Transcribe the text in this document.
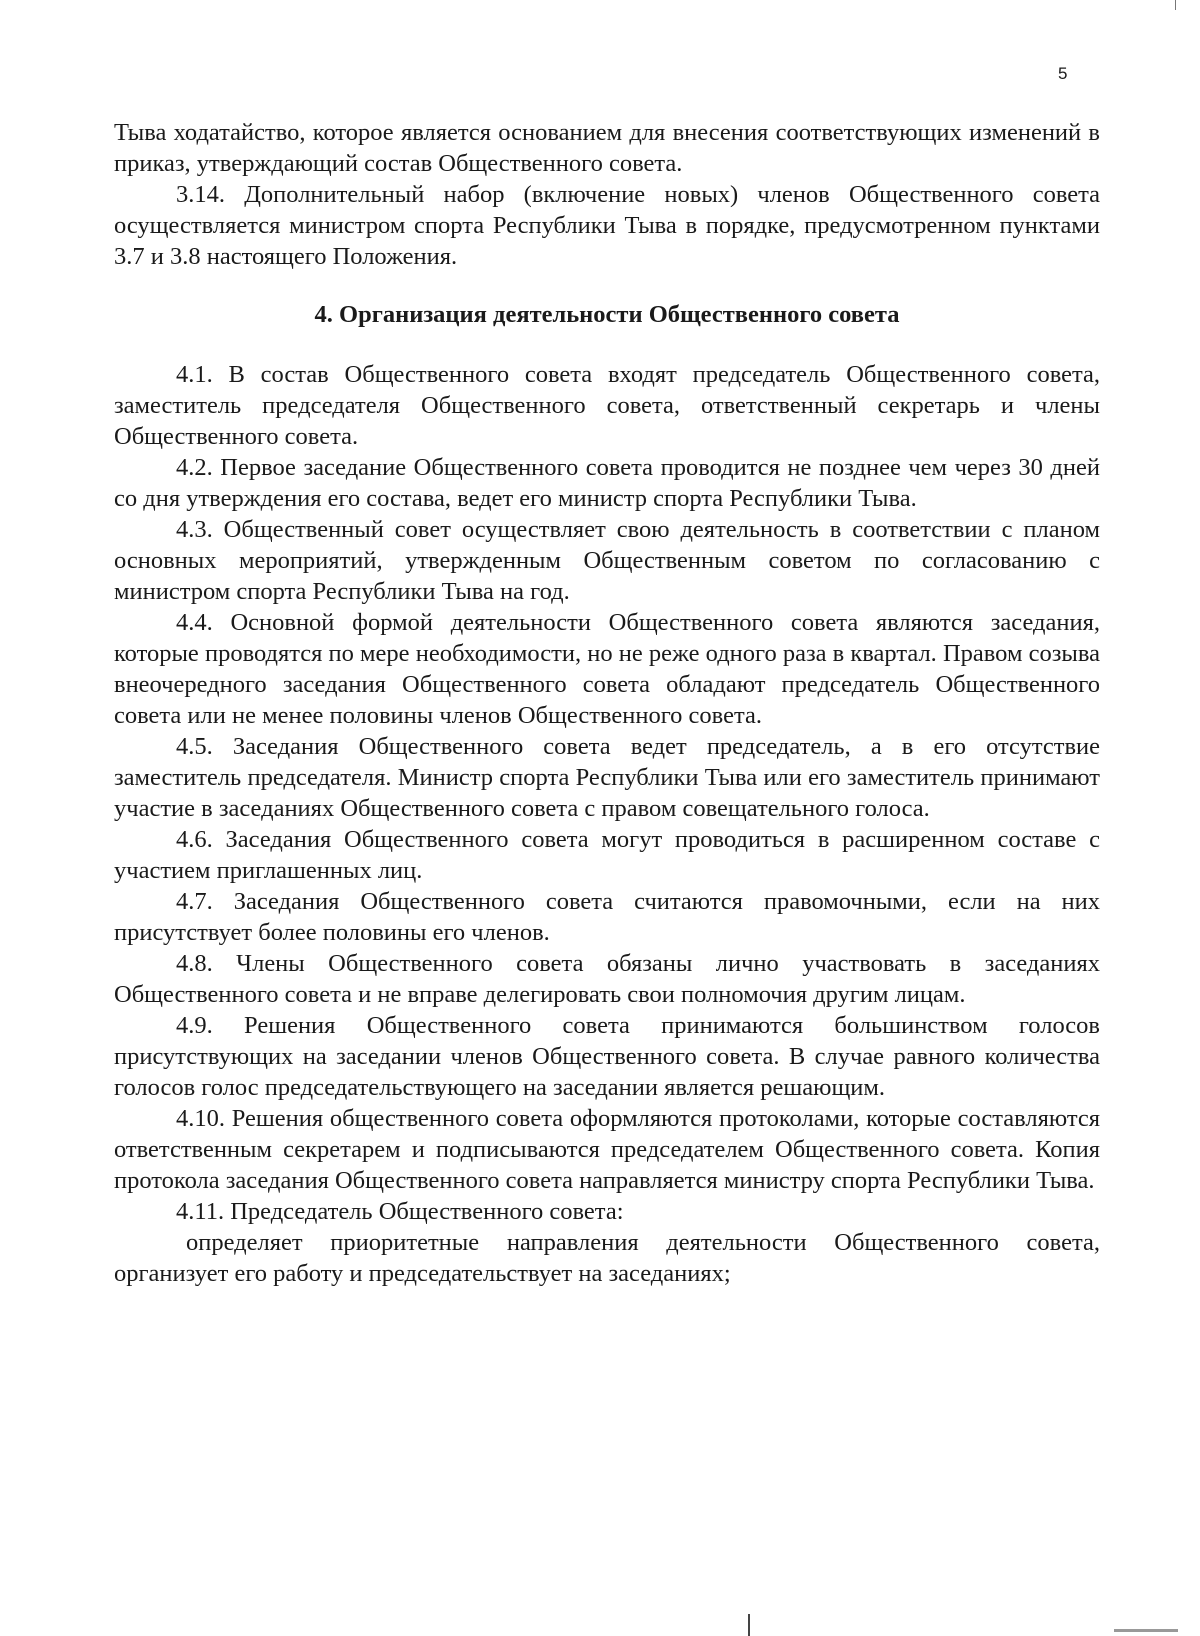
5

Тыва ходатайство, которое является основанием для внесения соответствующих изменений в приказ, утверждающий состав Общественного совета.

3.14. Дополнительный набор (включение новых) членов Общественного совета осуществляется министром спорта Республики Тыва в порядке, предусмотренном пунктами 3.7 и 3.8 настоящего Положения.

4. Организация деятельности Общественного совета

4.1. В состав Общественного совета входят председатель Общественного совета, заместитель председателя Общественного совета, ответственный секретарь и члены Общественного совета.

4.2. Первое заседание Общественного совета проводится не позднее чем через 30 дней со дня утверждения его состава, ведет его министр спорта Республики Тыва.

4.3. Общественный совет осуществляет свою деятельность в соответствии с планом основных мероприятий, утвержденным Общественным советом по согласованию с министром спорта Республики Тыва на год.

4.4. Основной формой деятельности Общественного совета являются заседания, которые проводятся по мере необходимости, но не реже одного раза в квартал. Правом созыва внеочередного заседания Общественного совета обладают председатель Общественного совета или не менее половины членов Общественного совета.

4.5. Заседания Общественного совета ведет председатель, а в его отсутствие заместитель председателя. Министр спорта Республики Тыва или его заместитель принимают участие в заседаниях Общественного совета с правом совещательного голоса.

4.6. Заседания Общественного совета могут проводиться в расширенном составе с участием приглашенных лиц.

4.7. Заседания Общественного совета считаются правомочными, если на них присутствует более половины его членов.

4.8. Члены Общественного совета обязаны лично участвовать в заседаниях Общественного совета и не вправе делегировать свои полномочия другим лицам.

4.9. Решения Общественного совета принимаются большинством голосов присутствующих на заседании членов Общественного совета. В случае равного количества голосов голос председательствующего на заседании является решающим.

4.10. Решения общественного совета оформляются протоколами, которые составляются ответственным секретарем и подписываются председателем Общественного совета. Копия протокола заседания Общественного совета направляется министру спорта Республики Тыва.

4.11. Председатель Общественного совета:

определяет приоритетные направления деятельности Общественного совета, организует его работу и председательствует на заседаниях;
